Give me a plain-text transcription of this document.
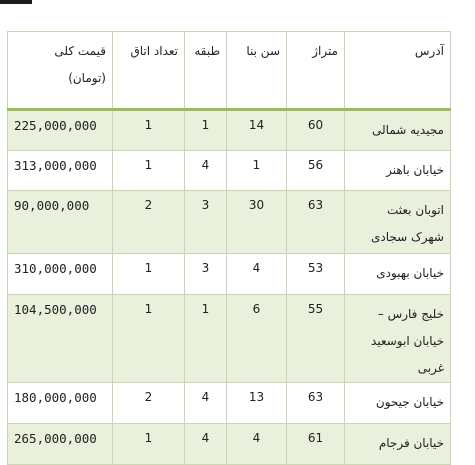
آدرس	متراژ	سن بنا	طبقه	تعداد اتاق	قیمت کلی
(تومان)

مجیدیه شمالی	60	14	1	1	225,000,000
خیابان باهنر	56	1	4	1	313,000,000
اتوبان بعثت شهرک سجادی	63	30	3	2	90,000,000
خیابان بهبودی	53	4	3	1	310,000,000
خلیج فارس – خیابان ابوسعید غربی	55	6	1	1	104,500,000
خیابان جیحون	63	13	4	2	180,000,000
خیابان فرجام	61	4	4	1	265,000,000
